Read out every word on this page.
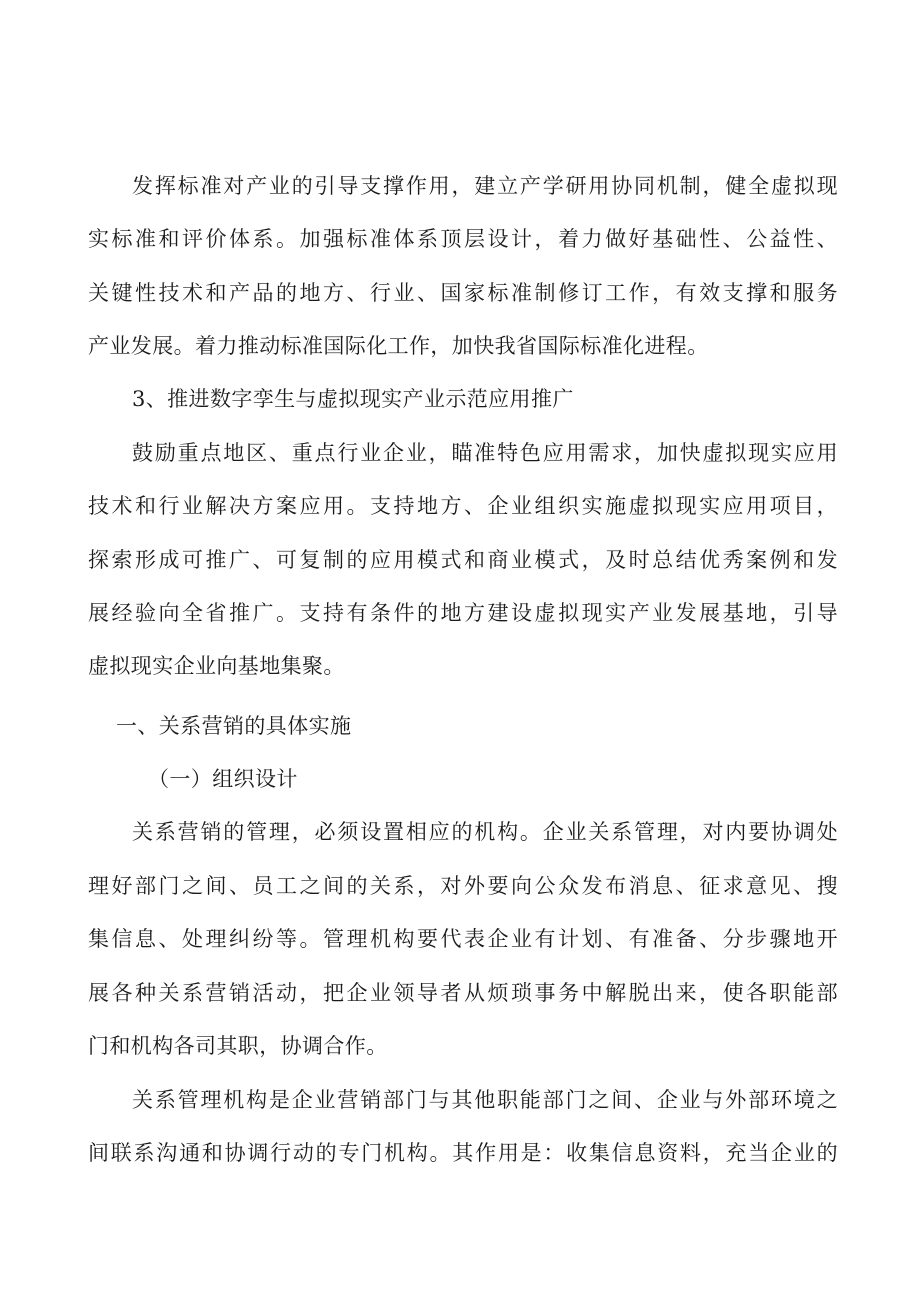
发挥标准对产业的引导支撑作用，建立产学研用协同机制，健全虚拟现
实标准和评价体系。加强标准体系顶层设计，着力做好基础性、公益性、
关键性技术和产品的地方、行业、国家标准制修订工作，有效支撑和服务
产业发展。着力推动标准国际化工作，加快我省国际标准化进程。
3、推进数字孪生与虚拟现实产业示范应用推广
鼓励重点地区、重点行业企业，瞄准特色应用需求，加快虚拟现实应用
技术和行业解决方案应用。支持地方、企业组织实施虚拟现实应用项目，
探索形成可推广、可复制的应用模式和商业模式，及时总结优秀案例和发
展经验向全省推广。支持有条件的地方建设虚拟现实产业发展基地，引导
虚拟现实企业向基地集聚。
一、关系营销的具体实施
（一）组织设计
关系营销的管理，必须设置相应的机构。企业关系管理，对内要协调处
理好部门之间、员工之间的关系，对外要向公众发布消息、征求意见、搜
集信息、处理纠纷等。管理机构要代表企业有计划、有准备、分步骤地开
展各种关系营销活动，把企业领导者从烦琐事务中解脱出来，使各职能部
门和机构各司其职，协调合作。
关系管理机构是企业营销部门与其他职能部门之间、企业与外部环境之
间联系沟通和协调行动的专门机构。其作用是：收集信息资料，充当企业的
